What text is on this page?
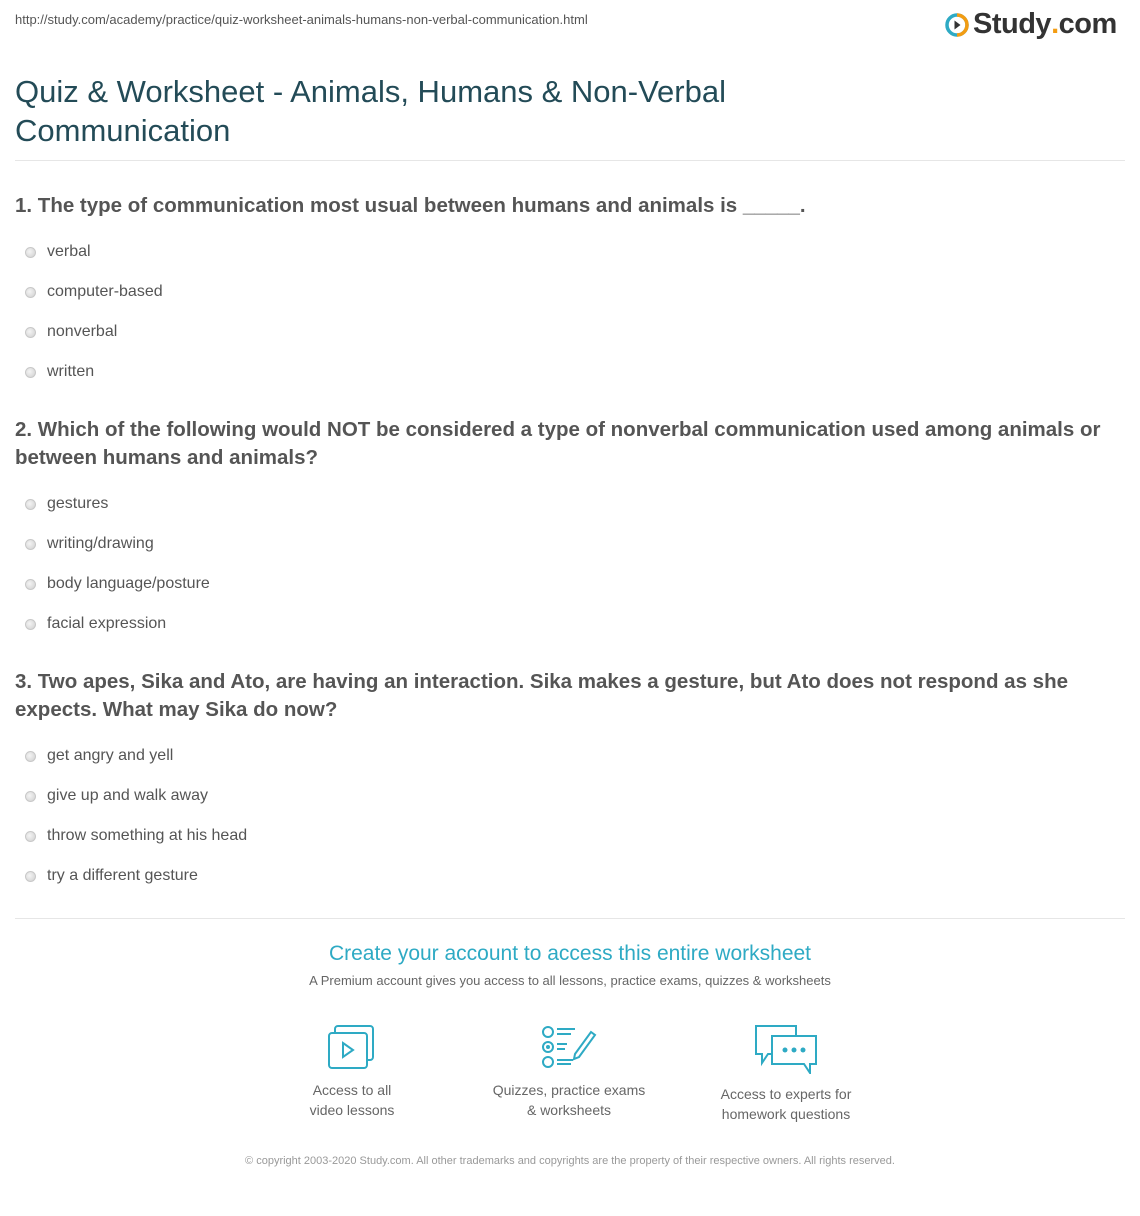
http://study.com/academy/practice/quiz-worksheet-animals-humans-non-verbal-communication.html	Study . com
Quiz & Worksheet - Animals, Humans & Non-Verbal Communication
1. The type of communication most usual between humans and animals is _____.
verbal
computer-based
nonverbal
written
2. Which of the following would NOT be considered a type of nonverbal communication used among animals or between humans and animals?
gestures
writing/drawing
body language/posture
facial expression
3. Two apes, Sika and Ato, are having an interaction. Sika makes a gesture, but Ato does not respond as she expects. What may Sika do now?
get angry and yell
give up and walk away
throw something at his head
try a different gesture
Create your account to access this entire worksheet
A Premium account gives you access to all lessons, practice exams, quizzes & worksheets
Access to all
video lessons
Quizzes, practice exams
& worksheets
Access to experts for
homework questions
© copyright 2003-2020 Study.com. All other trademarks and copyrights are the property of their respective owners. All rights reserved.
